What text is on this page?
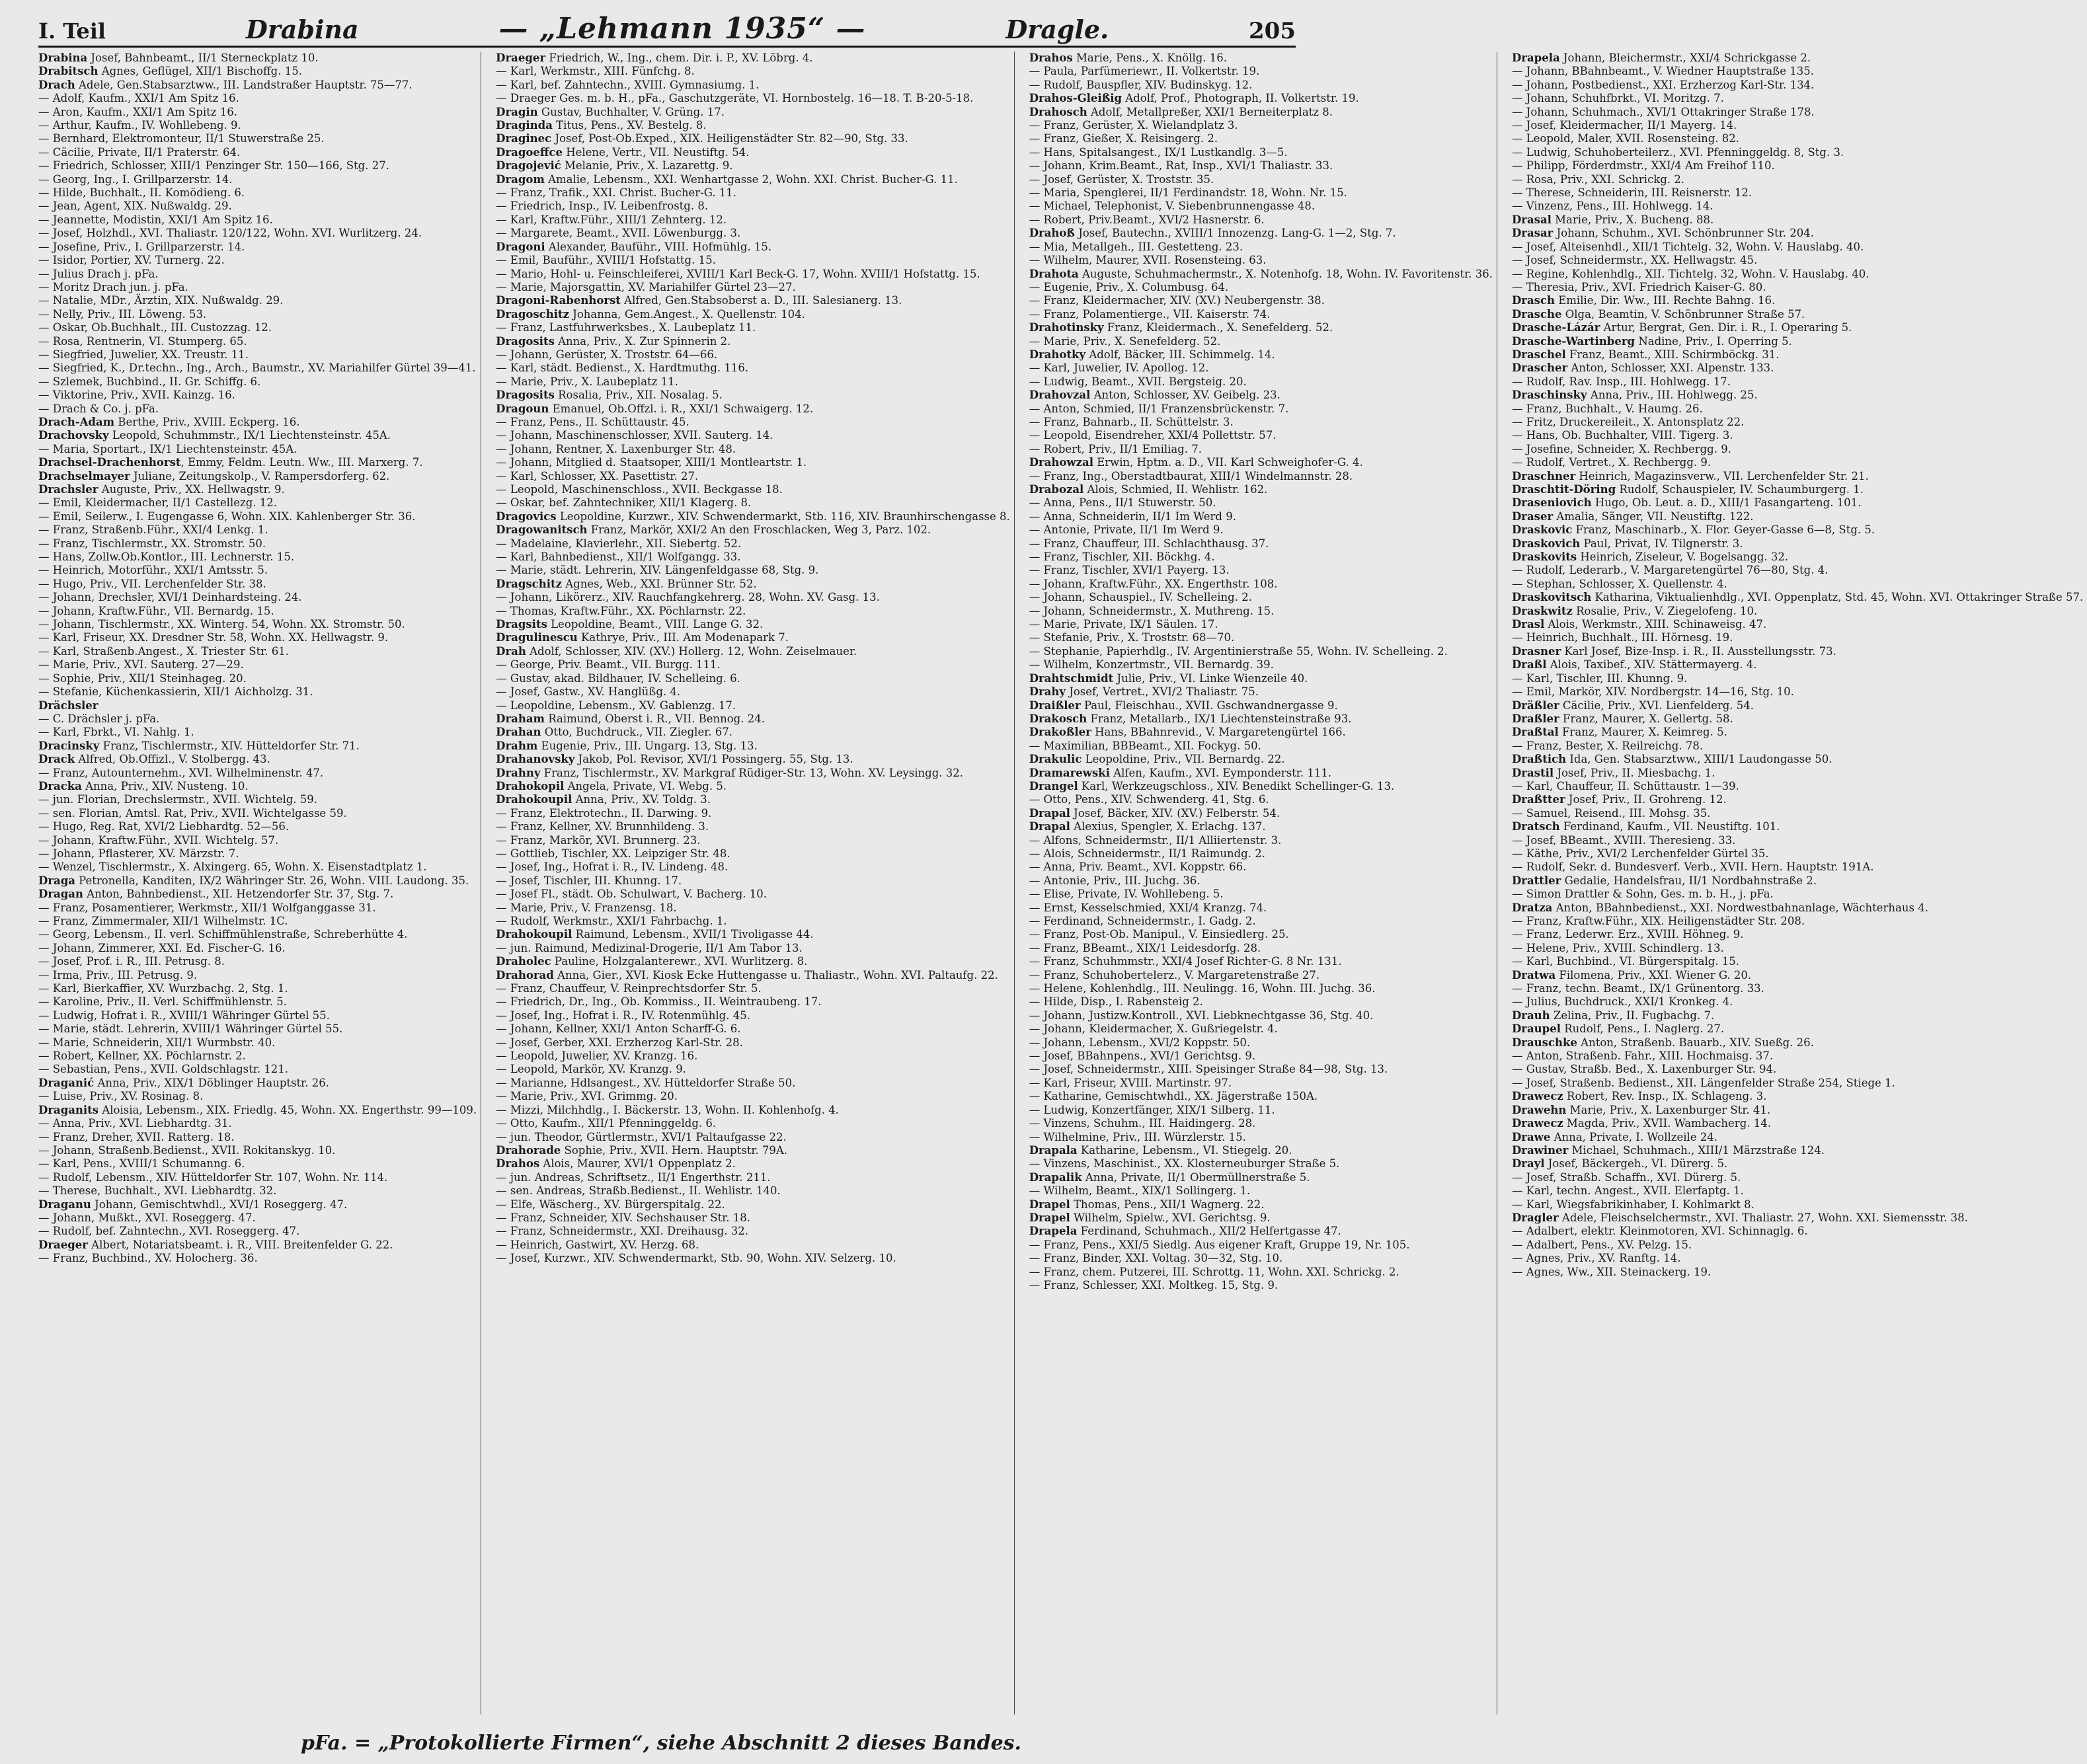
I. Teil	Drabina	— „Lehmann 1935“ —	Dragle.	205
Drabina Josef, Bahnbeamt., II/1 Sterneckplatz 10.
Drabitsch Agnes, Geflügel, XII/1 Bischoffg. 15.
Drach Adele, Gen.Stabsarztww., III. Landstraßer Hauptstr. 75—77.
— Adolf, Kaufm., XXI/1 Am Spitz 16.
— Aron, Kaufm., XXI/1 Am Spitz 16.
— Arthur, Kaufm., IV. Wohllebeng. 9.
— Bernhard, Elektromonteur, II/1 Stuwerstraße 25.
— Cäcilie, Private, II/1 Praterstr. 64.
— Friedrich, Schlosser, XIII/1 Penzinger Str. 150—166, Stg. 27.
— Georg, Ing., I. Grillparzerstr. 14.
— Hilde, Buchhalt., II. Komödieng. 6.
— Jean, Agent, XIX. Nußwaldg. 29.
— Jeannette, Modistin, XXI/1 Am Spitz 16.
— Josef, Holzhdl., XVI. Thaliastr. 120/122, Wohn. XVI. Wurlitzerg. 24.
— Josefine, Priv., I. Grillparzerstr. 14.
— Isidor, Portier, XV. Turnerg. 22.
— Julius Drach j. pFa.
— Moritz Drach jun. j. pFa.
— Natalie, MDr., Ärztin, XIX. Nußwaldg. 29.
— Nelly, Priv., III. Löweng. 53.
— Oskar, Ob.Buchhalt., III. Custozzag. 12.
— Rosa, Rentnerin, VI. Stumperg. 65.
— Siegfried, Juwelier, XX. Treustr. 11.
— Siegfried, K., Dr.techn., Ing., Arch., Baumstr., XV. Mariahilfer Gürtel 39—41.
— Szlemek, Buchbind., II. Gr. Schiffg. 6.
— Viktorine, Priv., XVII. Kainzg. 16.
— Drach & Co. j. pFa.
Drach-Adam Berthe, Priv., XVIII. Eckperg. 16.
Drachovsky Leopold, Schuhmmstr., IX/1 Liechtensteinstr. 45A.
— Maria, Sportart., IX/1 Liechtensteinstr. 45A.
Drachsel-Drachenhorst, Emmy, Feldm. Leutn. Ww., III. Marxerg. 7.
Drachselmayer Juliane, Zeitungskolp., V. Rampersdorferg. 62.
Drachsler Auguste, Priv., XX. Hellwagstr. 9.
— Emil, Kleidermacher, II/1 Castellezg. 12.
— Emil, Seilerw., I. Eugengasse 6, Wohn. XIX. Kahlenberger Str. 36.
— Franz, Straßenb.Führ., XXI/4 Lenkg. 1.
— Franz, Tischlermstr., XX. Stromstr. 50.
— Hans, Zollw.Ob.Kontlor., III. Lechnerstr. 15.
— Heinrich, Motorführ., XXI/1 Amtsstr. 5.
— Hugo, Priv., VII. Lerchenfelder Str. 38.
— Johann, Drechsler, XVI/1 Deinhardsteing. 24.
— Johann, Kraftw.Führ., VII. Bernardg. 15.
— Johann, Tischlermstr., XX. Winterg. 54, Wohn. XX. Stromstr. 50.
— Karl, Friseur, XX. Dresdner Str. 58, Wohn. XX. Hellwagstr. 9.
— Karl, Straßenb.Angest., X. Triester Str. 61.
— Marie, Priv., XVI. Sauterg. 27—29.
— Sophie, Priv., XII/1 Steinhageg. 20.
— Stefanie, Küchenkassierin, XII/1 Aichholzg. 31.
Drächsler
— C. Drächsler j. pFa.
— Karl, Fbrkt., VI. Nahlg. 1.
Dracinsky Franz, Tischlermstr., XIV. Hütteldorfer Str. 71.
Drack Alfred, Ob.Offizl., V. Stolbergg. 43.
— Franz, Autounternehm., XVI. Wilhelminenstr. 47.
Dracka Anna, Priv., XIV. Nusteng. 10.
— jun. Florian, Drechslermstr., XVII. Wichtelg. 59.
— sen. Florian, Amtsl. Rat, Priv., XVII. Wichtelgasse 59.
— Hugo, Reg. Rat, XVI/2 Liebhardtg. 52—56.
— Johann, Kraftw.Führ., XVII. Wichtelg. 57.
— Johann, Pflasterer, XV. Märzstr. 7.
— Wenzel, Tischlermstr., X. Alxingerg. 65, Wohn. X. Eisenstadtplatz 1.
Draga Petronella, Kanditen, IX/2 Währinger Str. 26, Wohn. VIII. Laudong. 35.
Dragan Anton, Bahnbedienst., XII. Hetzendorfer Str. 37, Stg. 7.
— Franz, Posamentierer, Werkmstr., XII/1 Wolfganggasse 31.
— Franz, Zimmermaler, XII/1 Wilhelmstr. 1C.
— Georg, Lebensm., II. verl. Schiffmühlenstraße, Schreberhütte 4.
— Johann, Zimmerer, XXI. Ed. Fischer-G. 16.
— Josef, Prof. i. R., III. Petrusg. 8.
— Irma, Priv., III. Petrusg. 9.
— Karl, Bierkaffier, XV. Wurzbachg. 2, Stg. 1.
— Karoline, Priv., II. Verl. Schiffmühlenstr. 5.
— Ludwig, Hofrat i. R., XVIII/1 Währinger Gürtel 55.
— Marie, städt. Lehrerin, XVIII/1 Währinger Gürtel 55.
— Marie, Schneiderin, XII/1 Wurmbstr. 40.
— Robert, Kellner, XX. Pöchlarnstr. 2.
— Sebastian, Pens., XVII. Goldschlagstr. 121.
Draganić Anna, Priv., XIX/1 Döblinger Hauptstr. 26.
— Luise, Priv., XV. Rosinag. 8.
Draganits Aloisia, Lebensm., XIX. Friedlg. 45, Wohn. XX. Engerthstr. 99—109.
— Anna, Priv., XVI. Liebhardtg. 31.
— Franz, Dreher, XVII. Ratterg. 18.
— Johann, Straßenb.Bedienst., XVII. Rokitanskyg. 10.
— Karl, Pens., XVIII/1 Schumanng. 6.
— Rudolf, Lebensm., XIV. Hütteldorfer Str. 107, Wohn. Nr. 114.
— Therese, Buchhalt., XVI. Liebhardtg. 32.
Draganu Johann, Gemischtwhdl., XVI/1 Roseggerg. 47.
— Johann, Mußkt., XVI. Roseggerg. 47.
— Rudolf, bef. Zahntechn., XVI. Roseggerg. 47.
Draeger Albert, Notariatsbeamt. i. R., VIII. Breitenfelder G. 22.
— Franz, Buchbind., XV. Holocherg. 36.
Draeger Friedrich, W., Ing., chem. Dir. i. P., XV. Löbrg. 4.
— Karl, Werkmstr., XIII. Fünfchg. 8.
— Karl, bef. Zahntechn., XVIII. Gymnasiumg. 1.
— Draeger Ges. m. b. H., pFa., Gaschutzgeräte, VI. Hornbostelg. 16—18. T. B-20-5-18.
Dragin Gustav, Buchhalter, V. Grüng. 17.
Draginda Titus, Pens., XV. Bestelg. 8.
Draginec Josef, Post-Ob.Exped., XIX. Heiligenstädter Str. 82—90, Stg. 33.
Dragoeffce Helene, Vertr., VII. Neustiftg. 54.
Dragojević Melanie, Priv., X. Lazarettg. 9.
Dragom Amalie, Lebensm., XXI. Wenhartgasse 2, Wohn. XXI. Christ. Bucher-G. 11.
— Franz, Trafik., XXI. Christ. Bucher-G. 11.
— Friedrich, Insp., IV. Leibenfrostg. 8.
— Karl, Kraftw.Führ., XIII/1 Zehnterg. 12.
— Margarete, Beamt., XVII. Löwenburgg. 3.
Dragoni Alexander, Bauführ., VIII. Hofmühlg. 15.
— Emil, Bauführ., XVIII/1 Hofstattg. 15.
— Mario, Hohl- u. Feinschleiferei, XVIII/1 Karl Beck-G. 17, Wohn. XVIII/1 Hofstattg. 15.
— Marie, Majorsgattin, XV. Mariahilfer Gürtel 23—27.
Dragoni-Rabenhorst Alfred, Gen.Stabsoberst a. D., III. Salesianerg. 13.
Dragoschitz Johanna, Gem.Angest., X. Quellenstr. 104.
— Franz, Lastfuhrwerksbes., X. Laubeplatz 11.
Dragosits Anna, Priv., X. Zur Spinnerin 2.
— Johann, Gerüster, X. Troststr. 64—66.
— Karl, städt. Bedienst., X. Hardtmuthg. 116.
— Marie, Priv., X. Laubeplatz 11.
Dragosits Rosalia, Priv., XII. Nosalag. 5.
Dragoun Emanuel, Ob.Offzl. i. R., XXI/1 Schwaigerg. 12.
— Franz, Pens., II. Schüttaustr. 45.
— Johann, Maschinenschlosser, XVII. Sauterg. 14.
— Johann, Rentner, X. Laxenburger Str. 48.
— Johann, Mitglied d. Staatsoper, XIII/1 Montleartstr. 1.
— Karl, Schlosser, XX. Pasettistr. 27.
— Leopold, Maschinenschloss., XVII. Beckgasse 18.
— Oskar, bef. Zahntechniker, XII/1 Klagerg. 8.
Dragovics Leopoldine, Kurzwr., XIV. Schwendermarkt, Stb. 116, XIV. Braunhirschengasse 8.
Dragowanitsch Franz, Markör, XXI/2 An den Froschlacken, Weg 3, Parz. 102.
— Madelaine, Klavierlehr., XII. Siebertg. 52.
— Karl, Bahnbedienst., XII/1 Wolfgangg. 33.
— Marie, städt. Lehrerin, XIV. Längenfeldgasse 68, Stg. 9.
Dragschitz Agnes, Web., XXI. Brünner Str. 52.
— Johann, Likörerz., XIV. Rauchfangkehrerg. 28, Wohn. XV. Gasg. 13.
— Thomas, Kraftw.Führ., XX. Pöchlarnstr. 22.
Dragsits Leopoldine, Beamt., VIII. Lange G. 32.
Dragulinescu Kathrye, Priv., III. Am Modenapark 7.
Drah Adolf, Schlosser, XIV. (XV.) Hollerg. 12, Wohn. Zeiselmauer.
— George, Priv. Beamt., VII. Burgg. 111.
— Gustav, akad. Bildhauer, IV. Schelleing. 6.
— Josef, Gastw., XV. Hanglüßg. 4.
— Leopoldine, Lebensm., XV. Gablenzg. 17.
Draham Raimund, Oberst i. R., VII. Bennog. 24.
Drahan Otto, Buchdruck., VII. Ziegler. 67.
Drahm Eugenie, Priv., III. Ungarg. 13, Stg. 13.
Drahanovsky Jakob, Pol. Revisor, XVI/1 Possingerg. 55, Stg. 13.
Drahny Franz, Tischlermstr., XV. Markgraf Rüdiger-Str. 13, Wohn. XV. Leysingg. 32.
Drahokopil Angela, Private, VI. Webg. 5.
Drahokoupil Anna, Priv., XV. Toldg. 3.
— Franz, Elektrotechn., II. Darwing. 9.
— Franz, Kellner, XV. Brunnhildeng. 3.
— Franz, Markör, XVI. Brunnerg. 23.
— Gottlieb, Tischler, XX. Leipziger Str. 48.
— Josef, Ing., Hofrat i. R., IV. Lindeng. 48.
— Josef, Tischler, III. Khunng. 17.
— Josef Fl., städt. Ob. Schulwart, V. Bacherg. 10.
— Marie, Priv., V. Franzensg. 18.
— Rudolf, Werkmstr., XXI/1 Fahrbachg. 1.
Drahokoupil Raimund, Lebensm., XVII/1 Tivoligasse 44.
— jun. Raimund, Medizinal-Drogerie, II/1 Am Tabor 13.
Draholec Pauline, Holzgalanterewr., XVI. Wurlitzerg. 8.
Drahorad Anna, Gier., XVI. Kiosk Ecke Huttengasse u. Thaliastr., Wohn. XVI. Paltaufg. 22.
— Franz, Chauffeur, V. Reinprechtsdorfer Str. 5.
— Friedrich, Dr., Ing., Ob. Kommiss., II. Weintraubeng. 17.
— Josef, Ing., Hofrat i. R., IV. Rotenmühlg. 45.
— Johann, Kellner, XXI/1 Anton Scharff-G. 6.
— Josef, Gerber, XXI. Erzherzog Karl-Str. 28.
— Leopold, Juwelier, XV. Kranzg. 16.
— Leopold, Markör, XV. Kranzg. 9.
— Marianne, Hdlsangest., XV. Hütteldorfer Straße 50.
— Marie, Priv., XVI. Grimmg. 20.
— Mizzi, Milchhdlg., I. Bäckerstr. 13, Wohn. II. Kohlenhofg. 4.
— Otto, Kaufm., XII/1 Pfenninggeldg. 6.
— jun. Theodor, Gürtlermstr., XVI/1 Paltaufgasse 22.
Drahorade Sophie, Priv., XVII. Hern. Hauptstr. 79A.
Drahos Alois, Maurer, XVI/1 Oppenplatz 2.
— jun. Andreas, Schriftsetz., II/1 Engerthstr. 211.
— sen. Andreas, Straßb.Bedienst., II. Wehlistr. 140.
— Elfe, Wäscherg., XV. Bürgerspitalg. 22.
— Franz, Schneider, XIV. Sechshauser Str. 18.
— Franz, Schneidermstr., XXI. Dreihausg. 32.
— Heinrich, Gastwirt, XV. Herzg. 68.
— Josef, Kurzwr., XIV. Schwendermarkt, Stb. 90, Wohn. XIV. Selzerg. 10.
Drahos Marie, Pens., X. Knöllg. 16.
— Paula, Parfümeriewr., II. Volkertstr. 19.
— Rudolf, Bauspfler, XIV. Budinskyg. 12.
Drahos-Gleißig Adolf, Prof., Photograph, II. Volkertstr. 19.
Drahosch Adolf, Metallpreßer, XXI/1 Berneiterplatz 8.
— Franz, Gerüster, X. Wielandplatz 3.
— Franz, Gießer, X. Reisingerg. 2.
— Hans, Spitalsangest., IX/1 Lustkandlg. 3—5.
— Johann, Krim.Beamt., Rat, Insp., XVI/1 Thaliastr. 33.
— Josef, Gerüster, X. Troststr. 35.
— Maria, Spenglerei, II/1 Ferdinandstr. 18, Wohn. Nr. 15.
— Michael, Telephonist, V. Siebenbrunnengasse 48.
— Robert, Priv.Beamt., XVI/2 Hasnerstr. 6.
Drahoß Josef, Bautechn., XVIII/1 Innozenzg. Lang-G. 1—2, Stg. 7.
— Mia, Metallgeh., III. Gestetteng. 23.
— Wilhelm, Maurer, XVII. Rosensteing. 63.
Drahota Auguste, Schuhmachermstr., X. Notenhofg. 18, Wohn. IV. Favoritenstr. 36.
— Eugenie, Priv., X. Columbusg. 64.
— Franz, Kleidermacher, XIV. (XV.) Neubergenstr. 38.
— Franz, Polamentierge., VII. Kaiserstr. 74.
Drahotinsky Franz, Kleidermach., X. Senefelderg. 52.
— Marie, Priv., X. Senefelderg. 52.
Drahotky Adolf, Bäcker, III. Schimmelg. 14.
— Karl, Juwelier, IV. Apollog. 12.
— Ludwig, Beamt., XVII. Bergsteig. 20.
Drahovzal Anton, Schlosser, XV. Geibelg. 23.
— Anton, Schmied, II/1 Franzensbrückenstr. 7.
— Franz, Bahnarb., II. Schüttelstr. 3.
— Leopold, Eisendreher, XXI/4 Pollettstr. 57.
— Robert, Priv., II/1 Emiliag. 7.
Drahowzal Erwin, Hptm. a. D., VII. Karl Schweighofer-G. 4.
— Franz, Ing., Oberstadtbaurat, XIII/1 Windelmannstr. 28.
Drabozal Alois, Schmied, II. Wehlistr. 162.
— Anna, Pens., II/1 Stuwerstr. 50.
— Anna, Schneiderin, II/1 Im Werd 9.
— Antonie, Private, II/1 Im Werd 9.
— Franz, Chauffeur, III. Schlachthausg. 37.
— Franz, Tischler, XII. Böckhg. 4.
— Franz, Tischler, XVI/1 Payerg. 13.
— Johann, Kraftw.Führ., XX. Engerthstr. 108.
— Johann, Schauspiel., IV. Schelleing. 2.
— Johann, Schneidermstr., X. Muthreng. 15.
— Marie, Private, IX/1 Säulen. 17.
— Stefanie, Priv., X. Troststr. 68—70.
— Stephanie, Papierhdlg., IV. Argentinierstraße 55, Wohn. IV. Schelleing. 2.
— Wilhelm, Konzertmstr., VII. Bernardg. 39.
Drahtschmidt Julie, Priv., VI. Linke Wienzeile 40.
Drahy Josef, Vertret., XVI/2 Thaliastr. 75.
Draißler Paul, Fleischhau., XVII. Gschwandnergasse 9.
Drakosch Franz, Metallarb., IX/1 Liechtensteinstraße 93.
Drakoßler Hans, BBahnrevid., V. Margaretengürtel 166.
— Maximilian, BBBeamt., XII. Fockyg. 50.
Drakulic Leopoldine, Priv., VII. Bernardg. 22.
Dramarewski Alfen, Kaufm., XVI. Eymponderstr. 111.
Drangel Karl, Werkzeugschloss., XIV. Benedikt Schellinger-G. 13.
— Otto, Pens., XIV. Schwenderg. 41, Stg. 6.
Drapal Josef, Bäcker, XIV. (XV.) Felberstr. 54.
Drapal Alexius, Spengler, X. Erlachg. 137.
— Alfons, Schneidermstr., II/1 Alliiertenstr. 3.
— Alois, Schneidermstr., II/1 Raimundg. 2.
— Anna, Priv. Beamt., XVI. Koppstr. 66.
— Antonie, Priv., III. Juchg. 36.
— Elise, Private, IV. Wohllebeng. 5.
— Ernst, Kesselschmied, XXI/4 Kranzg. 74.
— Ferdinand, Schneidermstr., I. Gadg. 2.
— Franz, Post-Ob. Manipul., V. Einsiedlerg. 25.
— Franz, BBeamt., XIX/1 Leidesdorfg. 28.
— Franz, Schuhmmstr., XXI/4 Josef Richter-G. 8 Nr. 131.
— Franz, Schuhobertelerz., V. Margaretenstraße 27.
— Helene, Kohlenhdlg., III. Neulingg. 16, Wohn. III. Juchg. 36.
— Hilde, Disp., I. Rabensteig 2.
— Johann, Justizw.Kontroll., XVI. Liebknechtgasse 36, Stg. 40.
— Johann, Kleidermacher, X. Gußriegelstr. 4.
— Johann, Lebensm., XVI/2 Koppstr. 50.
— Josef, BBahnpens., XVI/1 Gerichtsg. 9.
— Josef, Schneidermstr., XIII. Speisinger Straße 84—98, Stg. 13.
— Karl, Friseur, XVIII. Martinstr. 97.
— Katharine, Gemischtwhdl., XX. Jägerstraße 150A.
— Ludwig, Konzertfänger, XIX/1 Silberg. 11.
— Vinzens, Schuhm., III. Haidingerg. 28.
— Wilhelmine, Priv., III. Würzlerstr. 15.
Drapala Katharine, Lebensm., VI. Stiegelg. 20.
— Vinzens, Maschinist., XX. Klosterneuburger Straße 5.
Drapalik Anna, Private, II/1 Obermüllnerstraße 5.
— Wilhelm, Beamt., XIX/1 Sollingerg. 1.
Drapel Thomas, Pens., XII/1 Wagnerg. 22.
Drapel Wilhelm, Spielw., XVI. Gerichtsg. 9.
Drapela Ferdinand, Schuhmach., XII/2 Helfertgasse 47.
— Franz, Pens., XXI/5 Siedlg. Aus eigener Kraft, Gruppe 19, Nr. 105.
— Franz, Binder, XXI. Voltag. 30—32, Stg. 10.
— Franz, chem. Putzerei, III. Schrottg. 11, Wohn. XXI. Schrickg. 2.
— Franz, Schlesser, XXI. Moltkeg. 15, Stg. 9.
Drapela Johann, Bleichermstr., XXI/4 Schrickgasse 2.
— Johann, BBahnbeamt., V. Wiedner Hauptstraße 135.
— Johann, Postbedienst., XXI. Erzherzog Karl-Str. 134.
— Johann, Schuhfbrkt., VI. Moritzg. 7.
— Johann, Schuhmach., XVI/1 Ottakringer Straße 178.
— Josef, Kleidermacher, II/1 Mayerg. 14.
— Leopold, Maler, XVII. Rosensteing. 82.
— Ludwig, Schuhoberteilerz., XVI. Pfenninggeldg. 8, Stg. 3.
— Philipp, Förderdmstr., XXI/4 Am Freihof 110.
— Rosa, Priv., XXI. Schrickg. 2.
— Therese, Schneiderin, III. Reisnerstr. 12.
— Vinzenz, Pens., III. Hohlwegg. 14.
Drasal Marie, Priv., X. Bucheng. 88.
Drasar Johann, Schuhm., XVI. Schönbrunner Str. 204.
— Josef, Alteisenhdl., XII/1 Tichtelg. 32, Wohn. V. Hauslabg. 40.
— Josef, Schneidermstr., XX. Hellwagstr. 45.
— Regine, Kohlenhdlg., XII. Tichtelg. 32, Wohn. V. Hauslabg. 40.
— Theresia, Priv., XVI. Friedrich Kaiser-G. 80.
Drasch Emilie, Dir. Ww., III. Rechte Bahng. 16.
Drasche Olga, Beamtin, V. Schönbrunner Straße 57.
Drasche-Lázár Artur, Bergrat, Gen. Dir. i. R., I. Operaring 5.
Drasche-Wartinberg Nadine, Priv., I. Operring 5.
Draschel Franz, Beamt., XIII. Schirmböckg. 31.
Drascher Anton, Schlosser, XXI. Alpenstr. 133.
— Rudolf, Rav. Insp., III. Hohlwegg. 17.
Draschinsky Anna, Priv., III. Hohlwegg. 25.
— Franz, Buchhalt., V. Haumg. 26.
— Fritz, Druckereileit., X. Antonsplatz 22.
— Hans, Ob. Buchhalter, VIII. Tigerg. 3.
— Josefine, Schneider, X. Rechbergg. 9.
— Rudolf, Vertret., X. Rechbergg. 9.
Draschner Heinrich, Magazinsverw., VII. Lerchenfelder Str. 21.
Draschtit-Döring Rudolf, Schauspieler, IV. Schaumburgerg. 1.
Draseniovich Hugo, Ob. Leut. a. D., XIII/1 Fasangarteng. 101.
Draser Amalia, Sänger, VII. Neustiftg. 122.
Draskovic Franz, Maschinarb., X. Flor. Geyer-Gasse 6—8, Stg. 5.
Draskovich Paul, Privat, IV. Tilgnerstr. 3.
Draskovits Heinrich, Ziseleur, V. Bogelsangg. 32.
— Rudolf, Lederarb., V. Margaretengürtel 76—80, Stg. 4.
— Stephan, Schlosser, X. Quellenstr. 4.
Draskovitsch Katharina, Viktualienhdlg., XVI. Oppenplatz, Std. 45, Wohn. XVI. Ottakringer Straße 57.
Draskwitz Rosalie, Priv., V. Ziegelofeng. 10.
Drasl Alois, Werkmstr., XIII. Schinaweisg. 47.
— Heinrich, Buchhalt., III. Hörnesg. 19.
Drasner Karl Josef, Bize-Insp. i. R., II. Ausstellungsstr. 73.
Draßl Alois, Taxibef., XIV. Stättermayerg. 4.
— Karl, Tischler, III. Khunng. 9.
— Emil, Markör, XIV. Nordbergstr. 14—16, Stg. 10.
Dräßler Cäcilie, Priv., XVI. Lienfelderg. 54.
Draßler Franz, Maurer, X. Gellertg. 58.
Draßtal Franz, Maurer, X. Keimreg. 5.
— Franz, Bester, X. Reilreichg. 78.
Draßtich Ida, Gen. Stabsarztww., XIII/1 Laudongasse 50.
Drastil Josef, Priv., II. Miesbachg. 1.
— Karl, Chauffeur, II. Schüttaustr. 1—39.
Draßtter Josef, Priv., II. Grohreng. 12.
— Samuel, Reisend., III. Mohsg. 35.
Dratsch Ferdinand, Kaufm., VII. Neustiftg. 101.
— Josef, BBeamt., XVIII. Theresieng. 33.
— Käthe, Priv., XVI/2 Lerchenfelder Gürtel 35.
— Rudolf, Sekr. d. Bundesverf. Verb., XVII. Hern. Hauptstr. 191A.
Drattler Gedalie, Handelsfrau, II/1 Nordbahnstraße 2.
— Simon Drattler & Sohn, Ges. m. b. H., j. pFa.
Dratza Anton, BBahnbedienst., XXI. Nordwestbahnanlage, Wächterhaus 4.
— Franz, Kraftw.Führ., XIX. Heiligenstädter Str. 208.
— Franz, Lederwr. Erz., XVIII. Höhneg. 9.
— Helene, Priv., XVIII. Schindlerg. 13.
— Karl, Buchbind., VI. Bürgerspitalg. 15.
Dratwa Filomena, Priv., XXI. Wiener G. 20.
— Franz, techn. Beamt., IX/1 Grünentorg. 33.
— Julius, Buchdruck., XXI/1 Kronkeg. 4.
Drauh Zelina, Priv., II. Fugbachg. 7.
Draupel Rudolf, Pens., I. Naglerg. 27.
Drauschke Anton, Straßenb. Bauarb., XIV. Sueßg. 26.
— Anton, Straßenb. Fahr., XIII. Hochmaisg. 37.
— Gustav, Straßb. Bed., X. Laxenburger Str. 94.
— Josef, Straßenb. Bedienst., XII. Längenfelder Straße 254, Stiege 1.
Drawecz Robert, Rev. Insp., IX. Schlageng. 3.
Drawehn Marie, Priv., X. Laxenburger Str. 41.
Drawecz Magda, Priv., XVII. Wambacherg. 14.
Drawe Anna, Private, I. Wollzeile 24.
Drawiner Michael, Schuhmach., XIII/1 Märzstraße 124.
Drayl Josef, Bäckergeh., VI. Dürerg. 5.
— Josef, Straßb. Schaffn., XVI. Dürerg. 5.
— Karl, techn. Angest., XVII. Elerfaptg. 1.
— Karl, Wiegsfabrikinhaber, I. Kohlmarkt 8.
Dragler Adele, Fleischselchermstr., XVI. Thaliastr. 27, Wohn. XXI. Siemensstr. 38.
— Adalbert, elektr. Kleinmotoren, XVI. Schinnaglg. 6.
— Adalbert, Pens., XV. Pelzg. 15.
— Agnes, Priv., XV. Ranftg. 14.
— Agnes, Ww., XII. Steinackerg. 19.
pFa. = „Protokollierte Firmen“, siehe Abschnitt 2 dieses Bandes.
